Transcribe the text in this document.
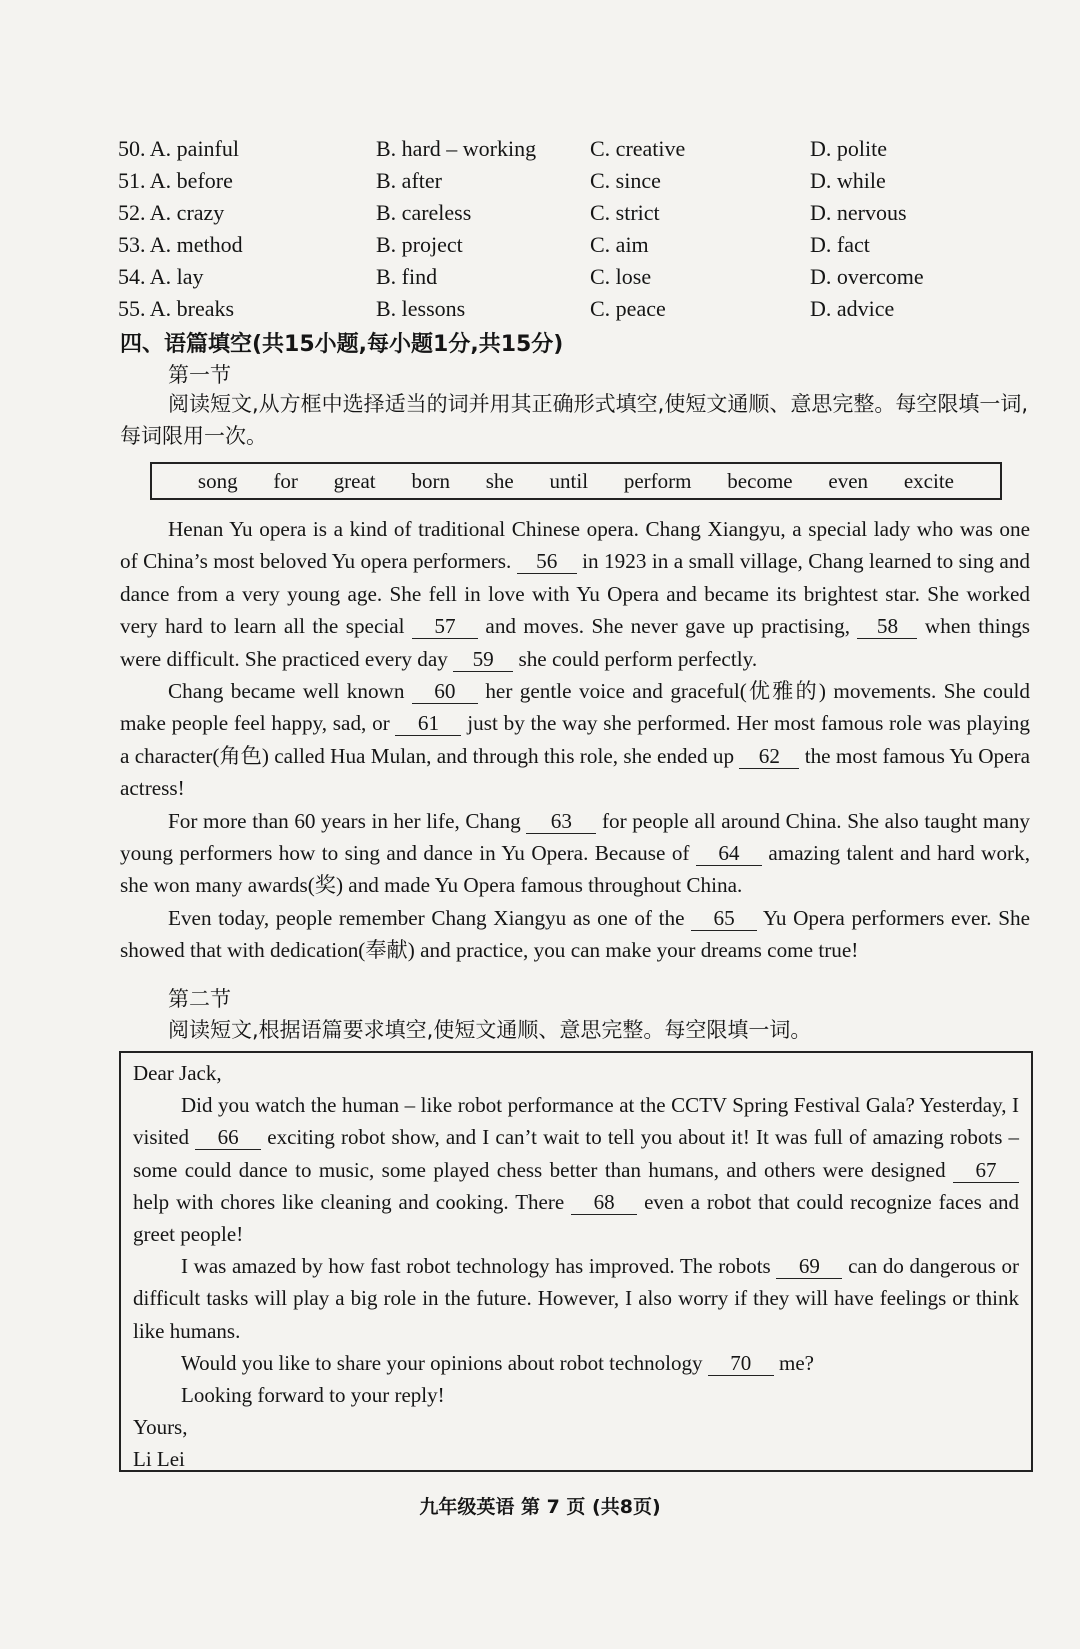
50. A. painful	B. hard – working	C. creative	D. polite
51. A. before	B. after	C. since	D. while
52. A. crazy	B. careless	C. strict	D. nervous
53. A. method	B. project	C. aim	D. fact
54. A. lay	B. find	C. lose	D. overcome
55. A. breaks	B. lessons	C. peace	D. advice
四、语篇填空(共15小题,每小题1分,共15分)
第一节
阅读短文,从方框中选择适当的词并用其正确形式填空,使短文通顺、意思完整。每空限填一词,每词限用一次。
song for great born she until perform become even excite

Henan Yu opera is a kind of traditional Chinese opera. Chang Xiangyu, a special lady who was one of China’s most beloved Yu opera performers. 56 in 1923 in a small village, Chang learned to sing and dance from a very young age. She fell in love with Yu Opera and became its brightest star. She worked very hard to learn all the special 57 and moves. She never gave up practising, 58 when things were difficult. She practiced every day 59 she could perform perfectly.

Chang became well known 60 her gentle voice and graceful(优雅的) movements. She could make people feel happy, sad, or 61 just by the way she performed. Her most famous role was playing a character(角色) called Hua Mulan, and through this role, she ended up 62 the most famous Yu Opera actress!

For more than 60 years in her life, Chang 63 for people all around China. She also taught many young performers how to sing and dance in Yu Opera. Because of 64 amazing talent and hard work, she won many awards(奖) and made Yu Opera famous throughout China.

Even today, people remember Chang Xiangyu as one of the 65 Yu Opera performers ever. She showed that with dedication(奉献) and practice, you can make your dreams come true!

第二节
阅读短文,根据语篇要求填空,使短文通顺、意思完整。每空限填一词。

Dear Jack,

Did you watch the human – like robot performance at the CCTV Spring Festival Gala? Yesterday, I visited 66 exciting robot show, and I can’t wait to tell you about it! It was full of amazing robots – some could dance to music, some played chess better than humans, and others were designed 67 help with chores like cleaning and cooking. There 68 even a robot that could recognize faces and greet people!

I was amazed by how fast robot technology has improved. The robots 69 can do dangerous or difficult tasks will play a big role in the future. However, I also worry if they will have feelings or think like humans.

Would you like to share your opinions about robot technology 70 me?

Looking forward to your reply!

Yours,

Li Lei

九年级英语 第 7 页 (共8页)
